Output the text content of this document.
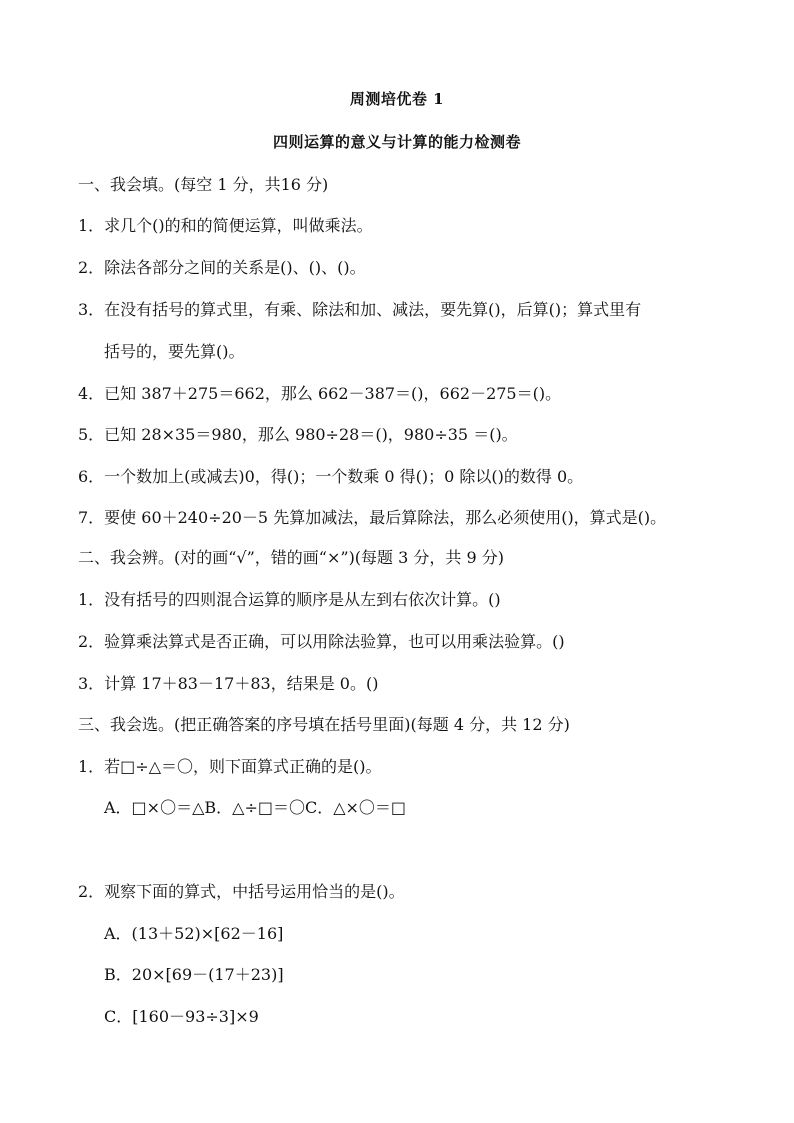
周测培优卷 1
四则运算的意义与计算的能力检测卷
一、我会填。(每空 1 分，共16 分)
1．求几个()的和的简便运算，叫做乘法。
2．除法各部分之间的关系是()、()、()。
3．在没有括号的算式里，有乘、除法和加、减法，要先算()，后算()；算式里有
括号的，要先算()。
4．已知 387＋275＝662，那么 662－387＝()，662－275＝()。
5．已知 28×35＝980，那么 980÷28＝()，980÷35 ＝()。
6．一个数加上(或减去)0，得()；一个数乘 0 得()；0 除以()的数得 0。
7．要使 60＋240÷20－5 先算加减法，最后算除法，那么必须使用()，算式是()。
二、我会辨。(对的画“√”，错的画“×”)(每题 3 分，共 9 分)
1．没有括号的四则混合运算的顺序是从左到右依次计算。()
2．验算乘法算式是否正确，可以用除法验算，也可以用乘法验算。()
3．计算 17＋83－17＋83，结果是 0。()
三、我会选。(把正确答案的序号填在括号里面)(每题 4 分，共 12 分)
1．若□÷△＝〇，则下面算式正确的是()。
A．□×〇＝△B．△÷□＝〇C．△×〇＝□
2．观察下面的算式，中括号运用恰当的是()。
A．(13＋52)×[62－16]
B．20×[69－(17＋23)]
C．[160－93÷3]×9
